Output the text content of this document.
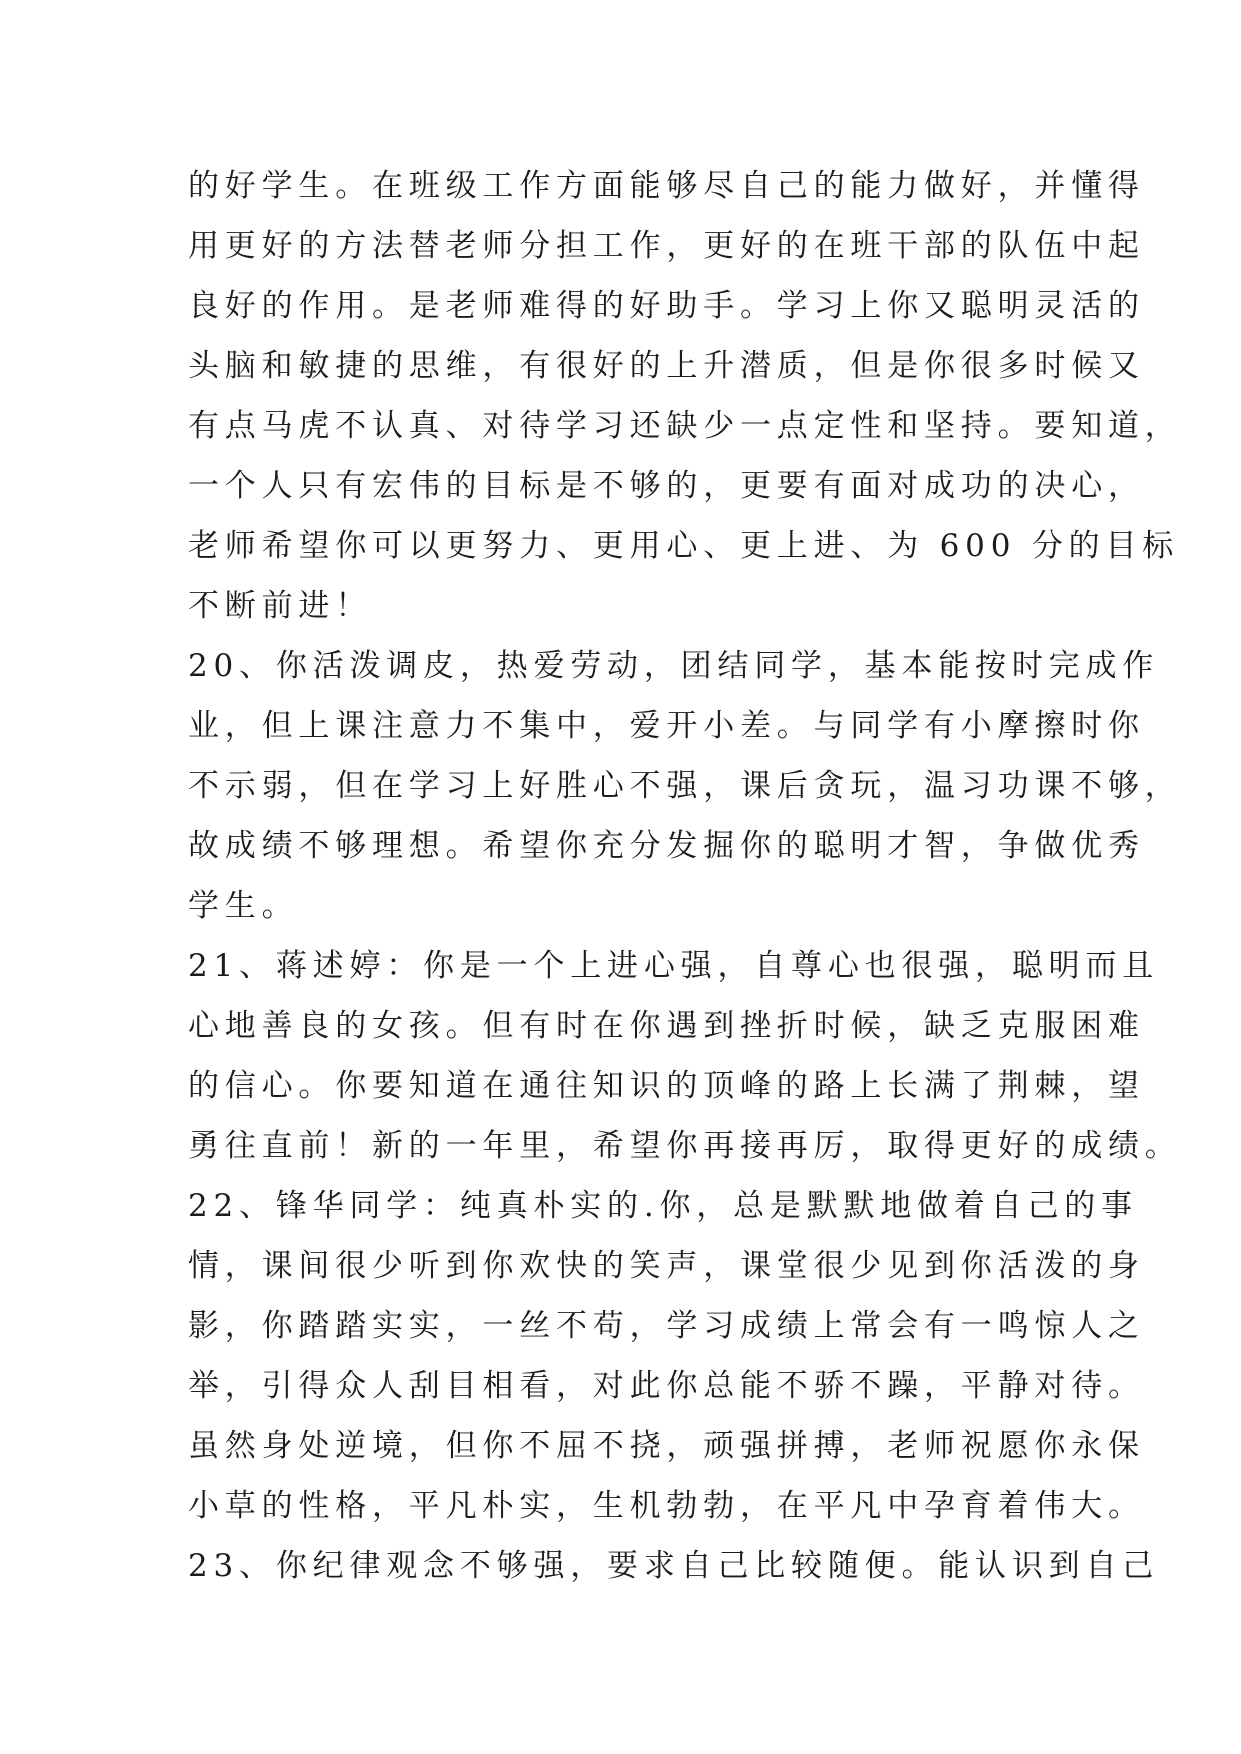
的好学生。在班级工作方面能够尽自己的能力做好，并懂得
用更好的方法替老师分担工作，更好的在班干部的队伍中起
良好的作用。是老师难得的好助手。学习上你又聪明灵活的
头脑和敏捷的思维，有很好的上升潜质，但是你很多时候又
有点马虎不认真、对待学习还缺少一点定性和坚持。要知道，
一个人只有宏伟的目标是不够的，更要有面对成功的决心，
老师希望你可以更努力、更用心、更上进、为 600 分的目标
不断前进！
20、你活泼调皮，热爱劳动，团结同学，基本能按时完成作
业，但上课注意力不集中，爱开小差。与同学有小摩擦时你
不示弱，但在学习上好胜心不强，课后贪玩，温习功课不够，
故成绩不够理想。希望你充分发掘你的聪明才智，争做优秀
学生。
21、蒋述婷：你是一个上进心强，自尊心也很强，聪明而且
心地善良的女孩。但有时在你遇到挫折时候，缺乏克服困难
的信心。你要知道在通往知识的顶峰的路上长满了荆棘，望
勇往直前！新的一年里，希望你再接再厉，取得更好的成绩。
22、锋华同学：纯真朴实的.你，总是默默地做着自己的事
情，课间很少听到你欢快的笑声，课堂很少见到你活泼的身
影，你踏踏实实，一丝不苟，学习成绩上常会有一鸣惊人之
举，引得众人刮目相看，对此你总能不骄不躁，平静对待。
虽然身处逆境，但你不屈不挠，顽强拼搏，老师祝愿你永保
小草的性格，平凡朴实，生机勃勃，在平凡中孕育着伟大。
23、你纪律观念不够强，要求自己比较随便。能认识到自己
